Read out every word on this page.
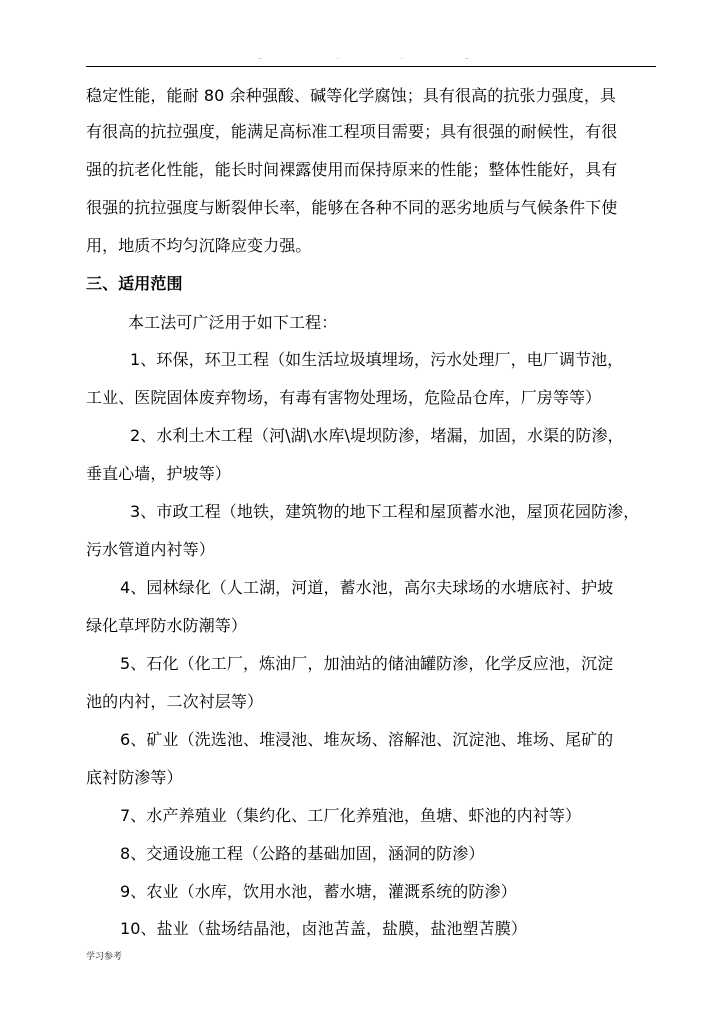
..	.	.	..
稳定性能，能耐 80 余种强酸、碱等化学腐蚀；具有很高的抗张力强度，具
有很高的抗拉强度，能满足高标准工程项目需要；具有很强的耐候性，有很
强的抗老化性能，能长时间裸露使用而保持原来的性能；整体性能好，具有
很强的抗拉强度与断裂伸长率，能够在各种不同的恶劣地质与气候条件下使
用，地质不均匀沉降应变力强。
三、适用范围
本工法可广泛用于如下工程：
1、环保，环卫工程（如生活垃圾填埋场，污水处理厂，电厂调节池，
工业、医院固体废弃物场，有毒有害物处理场，危险品仓库，厂房等等）
2、水利土木工程（河\湖\水库\堤坝防渗，堵漏，加固，水渠的防渗，
垂直心墙，护坡等）
3、市政工程（地铁，建筑物的地下工程和屋顶蓄水池，屋顶花园防渗，
污水管道内衬等）
4、园林绿化（人工湖，河道，蓄水池，高尔夫球场的水塘底衬、护坡
绿化草坪防水防潮等）
5、石化（化工厂，炼油厂，加油站的储油罐防渗，化学反应池，沉淀
池的内衬，二次衬层等）
6、矿业（洗选池、堆浸池、堆灰场、溶解池、沉淀池、堆场、尾矿的
底衬防渗等）
7、水产养殖业（集约化、工厂化养殖池，鱼塘、虾池的内衬等）
8、交通设施工程（公路的基础加固，涵洞的防渗）
9、农业（水库，饮用水池，蓄水塘，灌溉系统的防渗）
10、盐业（盐场结晶池，卤池苫盖，盐膜，盐池塑苫膜）
学习参考
